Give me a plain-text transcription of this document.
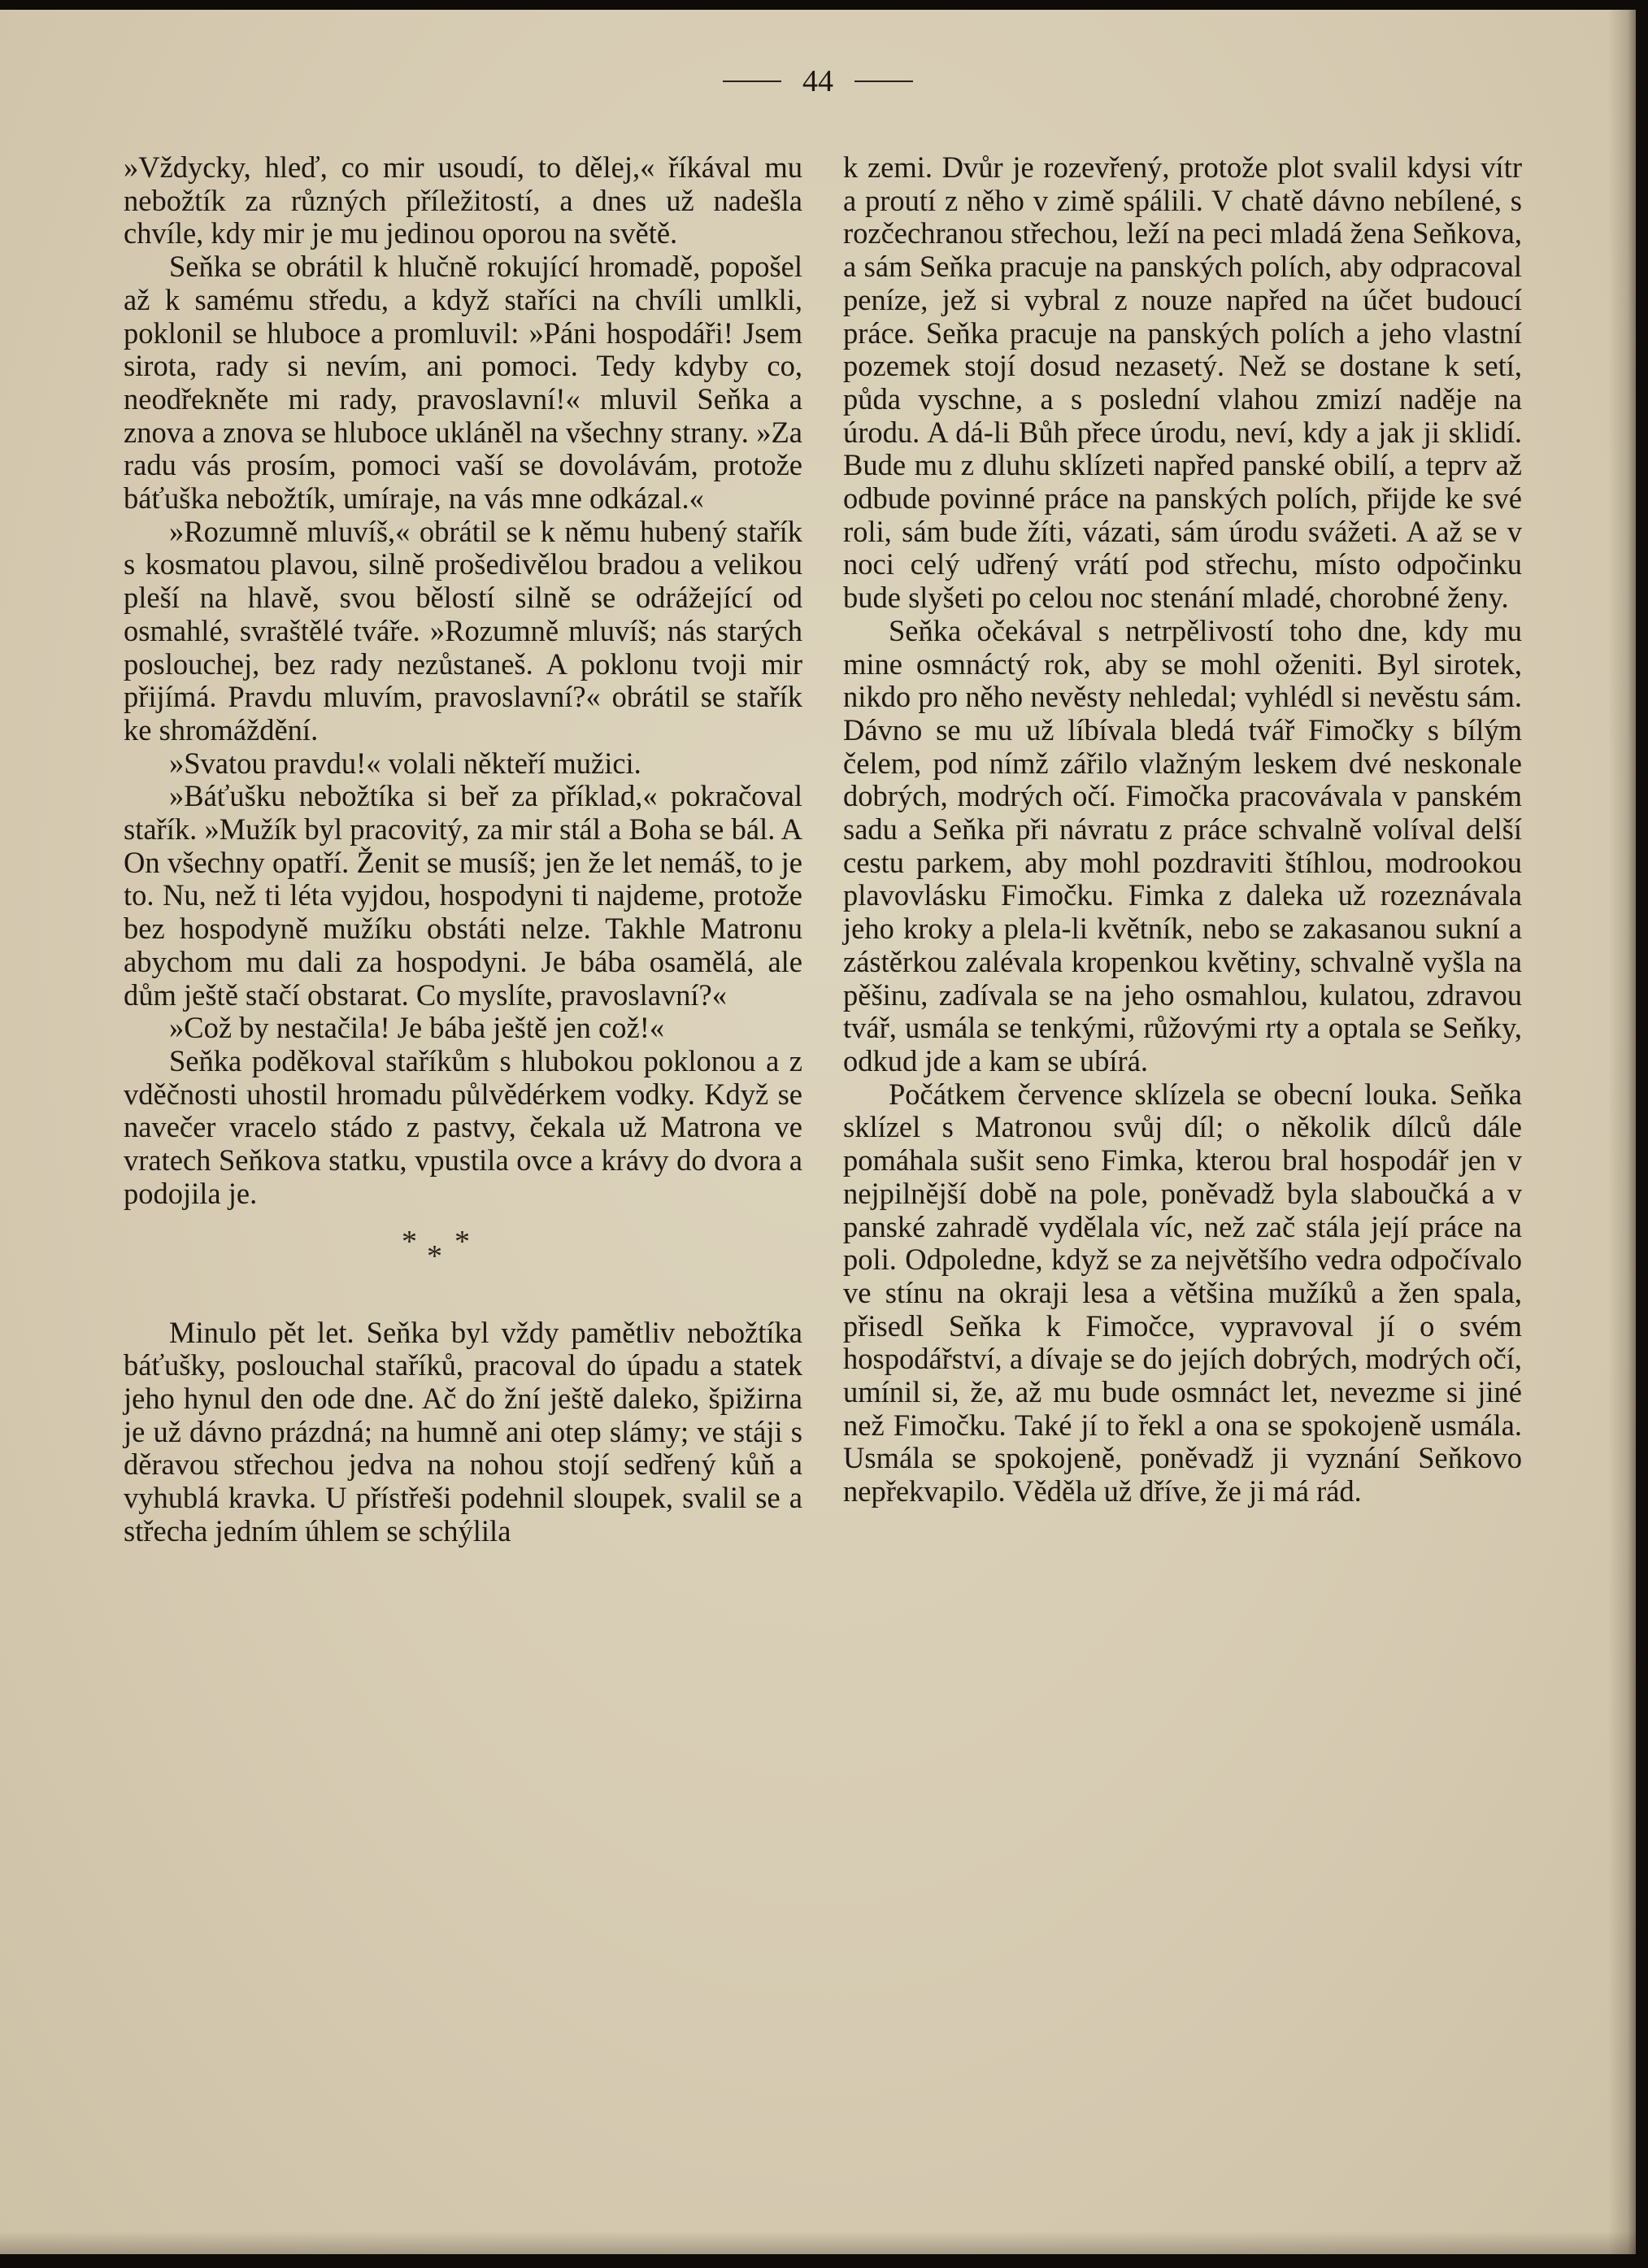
44

»Vždycky, hleď, co mir usoudí, to dělej,« říkával mu nebožtík za různých příležitostí, a dnes už nadešla chvíle, kdy mir je mu jedinou oporou na světě.

Seňka se obrátil k hlučně rokující hromadě, popošel až k samému středu, a když staříci na chvíli umlkli, poklonil se hluboce a promluvil: »Páni hospodáři! Jsem sirota, rady si nevím, ani pomoci. Tedy kdyby co, neodřekněte mi rady, pravoslavní!« mluvil Seňka a znova a znova se hluboce ukláněl na všechny strany. »Za radu vás prosím, pomoci vaší se dovolávám, protože báťuška nebožtík, umíraje, na vás mne odkázal.«

»Rozumně mluvíš,« obrátil se k němu hubený stařík s kosmatou plavou, silně prošedivělou bradou a velikou pleší na hlavě, svou bělostí silně se odrážející od osmahlé, svraštělé tváře. »Rozumně mluvíš; nás starých poslouchej, bez rady nezůstaneš. A poklonu tvoji mir přijímá. Pravdu mluvím, pravoslavní?« obrátil se stařík ke shromáždění.

»Svatou pravdu!« volali někteří mužici.

»Báťušku nebožtíka si beř za příklad,« pokračoval stařík. »Mužík byl pracovitý, za mir stál a Boha se bál. A On všechny opatří. Ženit se musíš; jen že let nemáš, to je to. Nu, než ti léta vyjdou, hospodyni ti najdeme, protože bez hospodyně mužíku obstáti nelze. Takhle Matronu abychom mu dali za hospodyni. Je bába osamělá, ale dům ještě stačí obstarat. Co myslíte, pravoslavní?«

»Což by nestačila! Je bába ještě jen což!«

Seňka poděkoval staříkům s hlubokou poklonou a z vděčnosti uhostil hromadu půlvědérkem vodky. Když se navečer vracelo stádo z pastvy, čekala už Matrona ve vratech Seňkova statku, vpustila ovce a krávy do dvora a podojila je.

* *
*

Minulo pět let. Seňka byl vždy pamětliv nebožtíka báťušky, poslouchal staříků, pracoval do úpadu a statek jeho hynul den ode dne. Ač do žní ještě daleko, špižirna je už dávno prázdná; na humně ani otep slámy; ve stáji s děravou střechou jedva na nohou stojí sedřený kůň a vyhublá kravka. U přístřeši podehnil sloupek, svalil se a střecha jedním úhlem se schýlila

k zemi. Dvůr je rozevřený, protože plot svalil kdysi vítr a proutí z něho v zimě spálili. V chatě dávno nebílené, s rozčechranou střechou, leží na peci mladá žena Seňkova, a sám Seňka pracuje na panských polích, aby odpracoval peníze, jež si vybral z nouze napřed na účet budoucí práce. Seňka pracuje na panských polích a jeho vlastní pozemek stojí dosud nezasetý. Než se dostane k setí, půda vyschne, a s poslední vlahou zmizí naděje na úrodu. A dá-li Bůh přece úrodu, neví, kdy a jak ji sklidí. Bude mu z dluhu sklízeti napřed panské obilí, a teprv až odbude povinné práce na panských polích, přijde ke své roli, sám bude žíti, vázati, sám úrodu svážeti. A až se v noci celý udřený vrátí pod střechu, místo odpočinku bude slyšeti po celou noc stenání mladé, chorobné ženy.

Seňka očekával s netrpělivostí toho dne, kdy mu mine osmnáctý rok, aby se mohl oženiti. Byl sirotek, nikdo pro něho nevěsty nehledal; vyhlédl si nevěstu sám. Dávno se mu už líbívala bledá tvář Fimočky s bílým čelem, pod nímž zářilo vlažným leskem dvé neskonale dobrých, modrých očí. Fimočka pracovávala v panském sadu a Seňka při návratu z práce schvalně volíval delší cestu parkem, aby mohl pozdraviti štíhlou, modrookou plavovlásku Fimočku. Fimka z daleka už rozeznávala jeho kroky a plela-li květník, nebo se zakasanou sukní a zástěrkou zalévala kropenkou květiny, schvalně vyšla na pěšinu, zadívala se na jeho osmahlou, kulatou, zdravou tvář, usmála se tenkými, růžovými rty a optala se Seňky, odkud jde a kam se ubírá.

Počátkem července sklízela se obecní louka. Seňka sklízel s Matronou svůj díl; o několik dílců dále pomáhala sušit seno Fimka, kterou bral hospodář jen v nejpilnější době na pole, poněvadž byla slaboučká a v panské zahradě vydělala víc, než zač stála její práce na poli. Odpoledne, když se za největšího vedra odpočívalo ve stínu na okraji lesa a většina mužíků a žen spala, přisedl Seňka k Fimočce, vypravoval jí o svém hospodářství, a dívaje se do jejích dobrých, modrých očí, umínil si, že, až mu bude osmnáct let, nevezme si jiné než Fimočku. Také jí to řekl a ona se spokojeně usmála. Usmála se spokojeně, poněvadž ji vyznání Seňkovo nepřekvapilo. Věděla už dříve, že ji má rád.
